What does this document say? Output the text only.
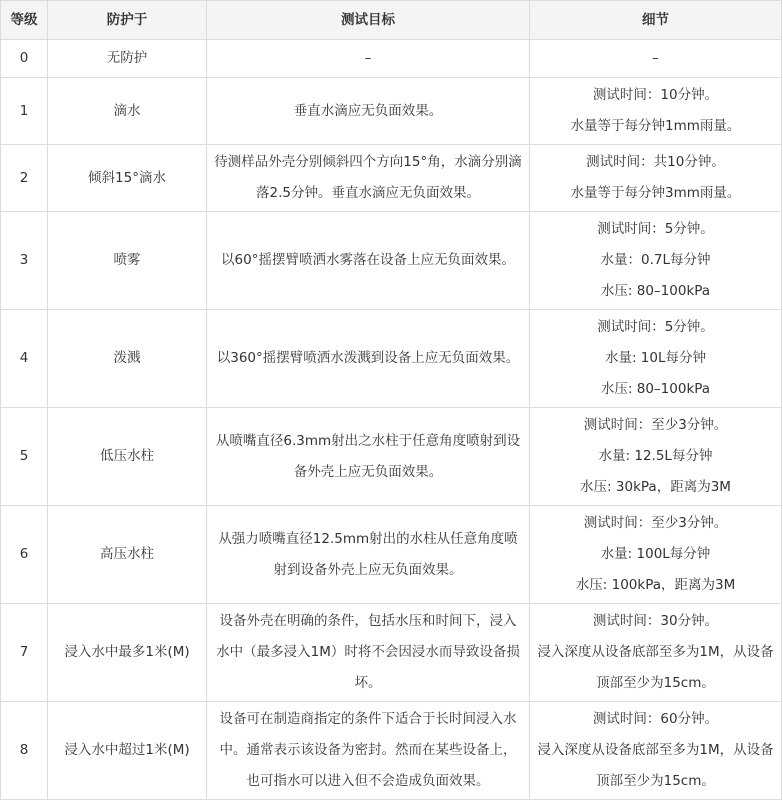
等级	防护于	测试目标	细节
0	无防护	–	–

1	滴水	垂直水滴应无负面效果。	测试时间：10分钟。
水量等于每分钟1mm雨量。

2	倾斜15°滴水	待测样品外壳分别倾斜四个方向15°角，水滴分别滴落2.5分钟。垂直水滴应无负面效果。	测试时间：共10分钟。
水量等于每分钟3mm雨量。

3	喷雾	以60°摇摆臂喷洒水雾落在设备上应无负面效果。	测试时间：5分钟。
水量：0.7L每分钟
水压: 80–100kPa

4	泼溅	以360°摇摆臂喷洒水泼溅到设备上应无负面效果。	测试时间：5分钟。
水量: 10L每分钟
水压: 80–100kPa

5	低压水柱	从喷嘴直径6.3mm射出之水柱于任意角度喷射到设备外壳上应无负面效果。	测试时间：至少3分钟。
水量: 12.5L每分钟
水压: 30kPa，距离为3M

6	高压水柱	从强力喷嘴直径12.5mm射出的水柱从任意角度喷射到设备外壳上应无负面效果。	测试时间：至少3分钟。
水量: 100L每分钟
水压: 100kPa，距离为3M

7	浸入水中最多1米(M)	设备外壳在明确的条件，包括水压和时间下，浸入水中（最多浸入1M）时将不会因浸水而导致设备损坏。	测试时间：30分钟。
浸入深度从设备底部至多为1M，从设备顶部至少为15cm。

8	浸入水中超过1米(M)	设备可在制造商指定的条件下适合于长时间浸入水中。通常表示该设备为密封。然而在某些设备上，也可指水可以进入但不会造成负面效果。	测试时间：60分钟。
浸入深度从设备底部至多为1M，从设备顶部至少为15cm。
